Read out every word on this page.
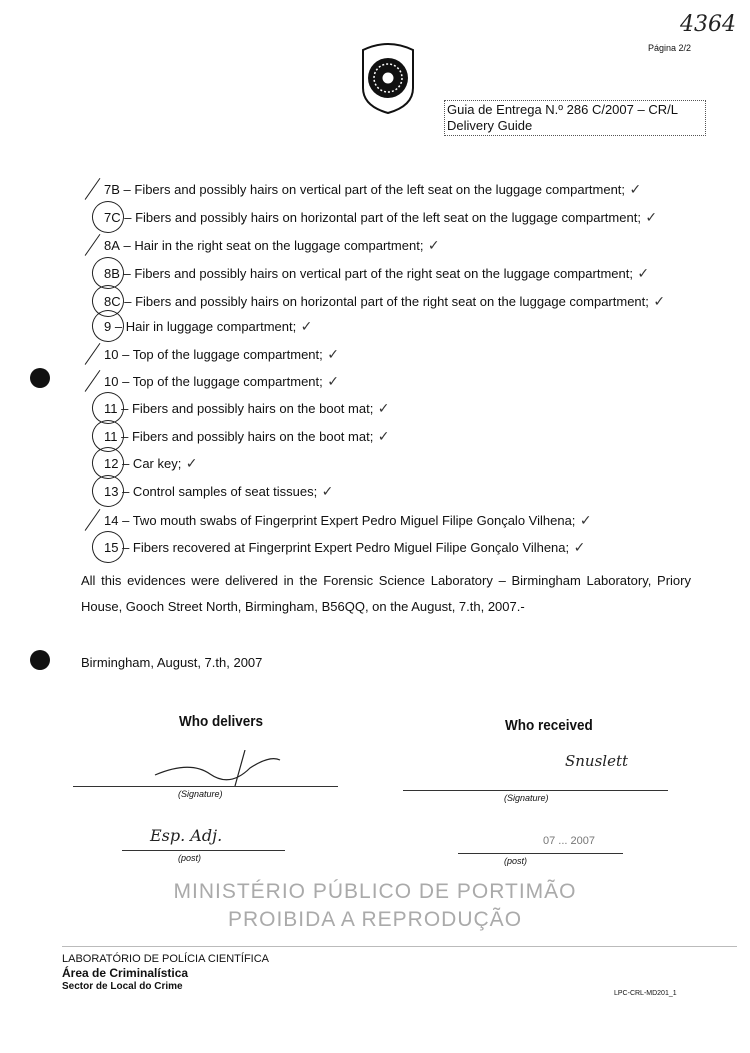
4364
Página 2/2
Guia de Entrega N.º 286 C/2007 – CR/L
Delivery Guide
7B – Fibers and possibly hairs on vertical part of the left seat on the luggage compartment; ✓
7C – Fibers and possibly hairs on horizontal part of the left seat on the luggage compartment; ✓
8A – Hair in the right seat on the luggage compartment; ✓
8B – Fibers and possibly hairs on vertical part of the right seat on the luggage compartment; ✓
8C – Fibers and possibly hairs on horizontal part of the right seat on the luggage compartment; ✓
9 – Hair in luggage compartment; ✓
10 – Top of the luggage compartment; ✓
10 – Top of the luggage compartment; ✓
11 – Fibers and possibly hairs on the boot mat; ✓
11 – Fibers and possibly hairs on the boot mat; ✓
12 – Car key; ✓
13 – Control samples of seat tissues; ✓
14 – Two mouth swabs of Fingerprint Expert Pedro Miguel Filipe Gonçalo Vilhena; ✓
15 – Fibers recovered at Fingerprint Expert Pedro Miguel Filipe Gonçalo Vilhena; ✓
All this evidences were delivered in the Forensic Science Laboratory – Birmingham Laboratory, Priory House, Gooch Street North, Birmingham, B56QQ, on the August, 7.th, 2007.-
Birmingham, August, 7.th, 2007
MINISTÉRIO PÚBLICO DE PORTIMÃO
PROIBIDA A REPRODUÇÃO
Who delivers	Who received
(Signature)
Esp. Adj.
(post)
Snuslett
(Signature)
07 ... 2007
(post)
LABORATÓRIO DE POLÍCIA CIENTÍFICA
Área de Criminalística
Sector de Local do Crime
LPC-CRL-MD201_1
